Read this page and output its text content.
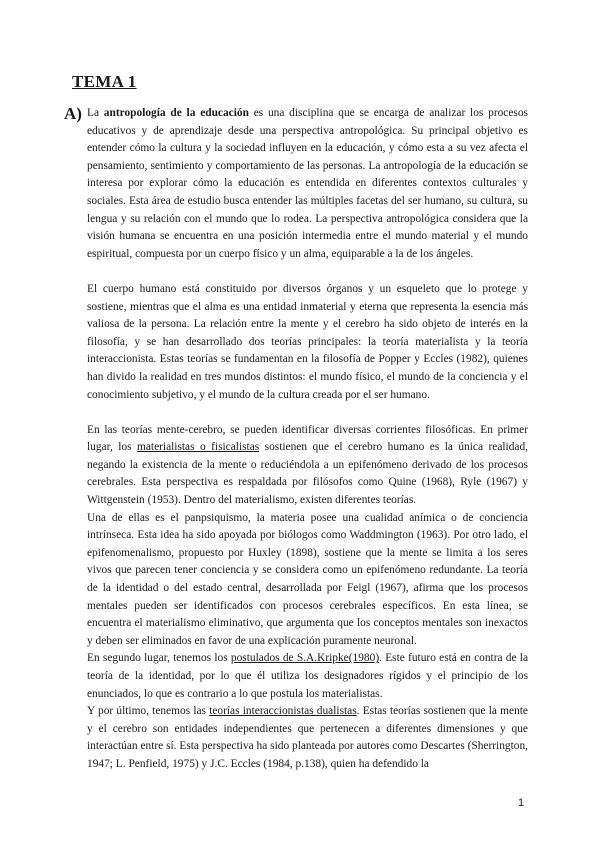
TEMA 1
A) La antropología de la educación es una disciplina que se encarga de analizar los procesos educativos y de aprendizaje desde una perspectiva antropológica. Su principal objetivo es entender cómo la cultura y la sociedad influyen en la educación, y cómo esta a su vez afecta el pensamiento, sentimiento y comportamiento de las personas. La antropología de la educación se interesa por explorar cómo la educación es entendida en diferentes contextos culturales y sociales. Esta área de estudio busca entender las múltiples facetas del ser humano, su cultura, su lengua y su relación con el mundo que lo rodea. La perspectiva antropológica considera que la visión humana se encuentra en una posición intermedia entre el mundo material y el mundo espiritual, compuesta por un cuerpo físico y un alma, equiparable a la de los ángeles.

El cuerpo humano está constituido por diversos órganos y un esqueleto que lo protege y sostiene, mientras que el alma es una entidad inmaterial y eterna que representa la esencia más valiosa de la persona. La relación entre la mente y el cerebro ha sido objeto de interés en la filosofía, y se han desarrollado dos teorías principales: la teoría materialista y la teoría interaccionista. Estas teorías se fundamentan en la filosofía de Popper y Eccles (1982), quienes han divido la realidad en tres mundos distintos: el mundo físico, el mundo de la conciencia y el conocimiento subjetivo, y el mundo de la cultura creada por el ser humano.

En las teorías mente-cerebro, se pueden identificar diversas corrientes filosóficas. En primer lugar, los materialistas o fisicalistas sostienen que el cerebro humano es la única realidad, negando la existencia de la mente o reduciéndola a un epifenómeno derivado de los procesos cerebrales. Esta perspectiva es respaldada por filósofos como Quine (1968), Ryle (1967) y Wittgenstein (1953). Dentro del materialismo, existen diferentes teorías.

Una de ellas es el panpsiquismo, la materia posee una cualidad anímica o de conciencia intrínseca. Esta idea ha sido apoyada por biólogos como Waddmington (1963). Por otro lado, el epifenomenalismo, propuesto por Huxley (1898), sostiene que la mente se limita a los seres vivos que parecen tener conciencia y se considera como un epifenómeno redundante. La teoría de la identidad o del estado central, desarrollada por Feigl (1967), afirma que los procesos mentales pueden ser identificados con procesos cerebrales específicos. En esta línea, se encuentra el materialismo eliminativo, que argumenta que los conceptos mentales son inexactos y deben ser eliminados en favor de una explicación puramente neuronal.

En segundo lugar, tenemos los postulados de S.A.Kripke(1980). Este futuro está en contra de la teoría de la identidad, por lo que él utiliza los designadores rígidos y el principio de los enunciados, lo que es contrario a lo que postula los materialistas.

Y por último, tenemos las teorías interaccionistas dualistas. Estas teorías sostienen que la mente y el cerebro son entidades independientes que pertenecen a diferentes dimensiones y que interactúan entre sí. Esta perspectiva ha sido planteada por autores como Descartes (Sherrington, 1947; L. Penfield, 1975) y J.C. Eccles (1984, p.138), quien ha defendido la

1
